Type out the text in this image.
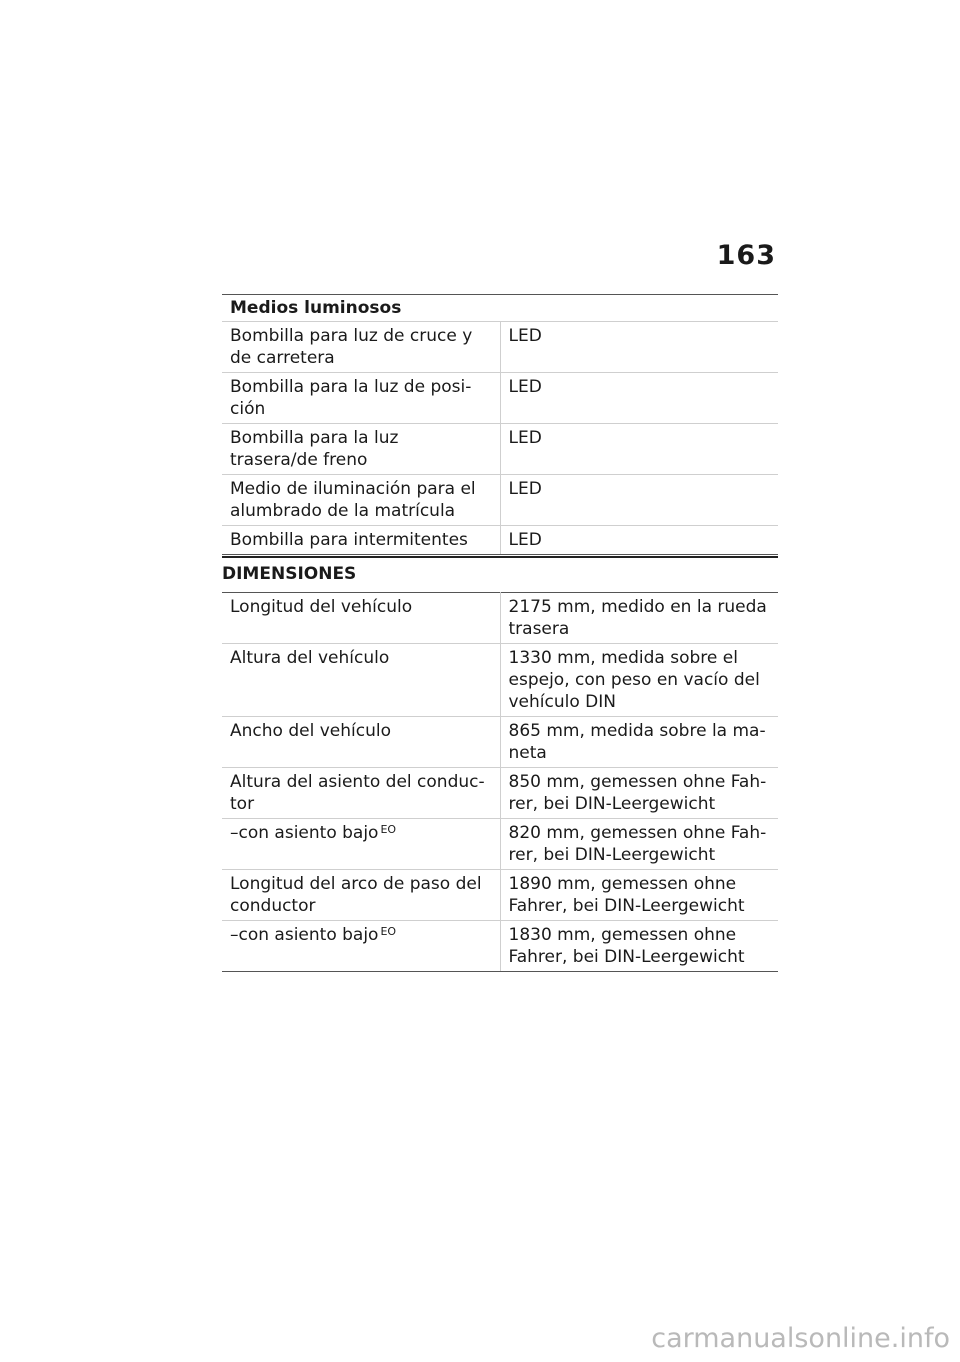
163
Medios luminosos	
Bombilla para luz de cruce y de carretera	LED
Bombilla para la luz de posi-ción	LED
Bombilla para la luz trasera/de freno	LED
Medio de iluminación para el alumbrado de la matrícula	LED
Bombilla para intermitentes	LED
DIMENSIONES
Longitud del vehículo	2175 mm, medido en la rueda trasera
Altura del vehículo	1330 mm, medida sobre el espejo, con peso en vacío del vehículo DIN
Ancho del vehículo	865 mm, medida sobre la ma-neta
Altura del asiento del conduc-tor	850 mm, gemessen ohne Fah-rer, bei DIN-Leergewicht
–con asiento bajo $^{EO}$	820 mm, gemessen ohne Fah-rer, bei DIN-Leergewicht
Longitud del arco de paso del conductor	1890 mm, gemessen ohne Fahrer, bei DIN-Leergewicht
–con asiento bajo $^{EO}$	1830 mm, gemessen ohne Fahrer, bei DIN-Leergewicht
carmanualsonline.info
